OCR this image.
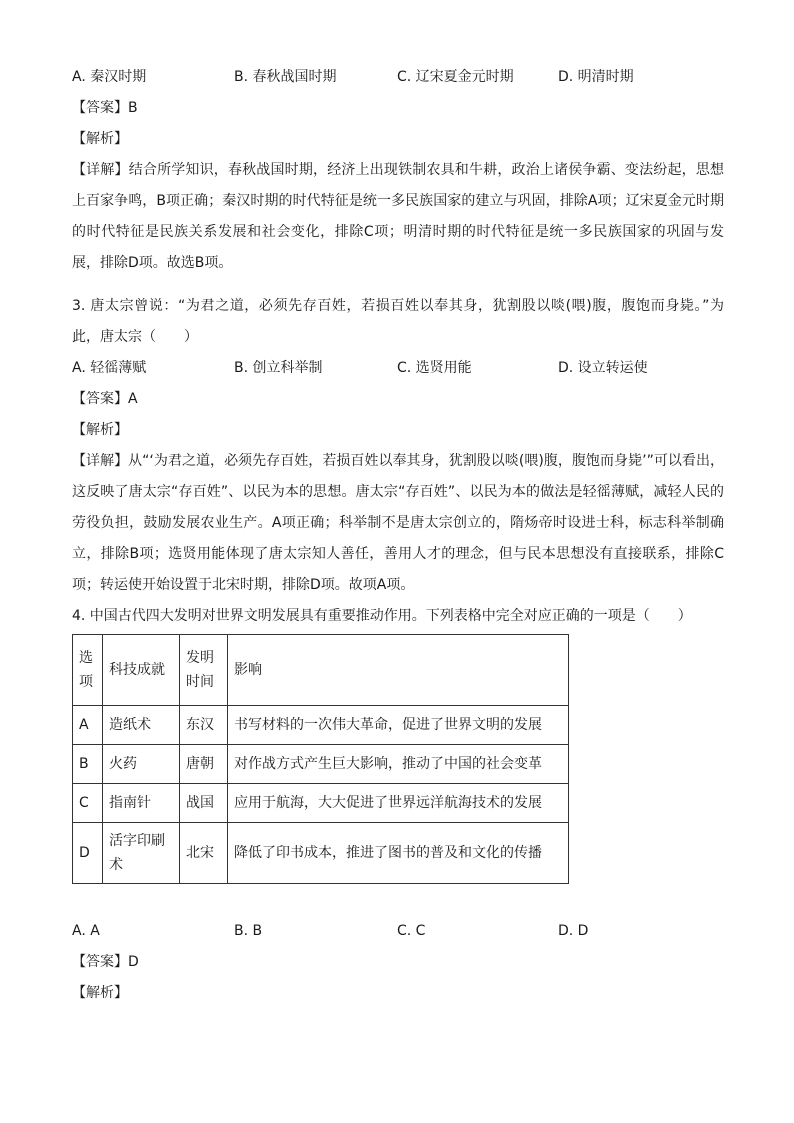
A. 秦汉时期	B. 春秋战国时期	C. 辽宋夏金元时期	D. 明清时期
【答案】B
【解析】
【详解】结合所学知识，春秋战国时期，经济上出现铁制农具和牛耕，政治上诸侯争霸、变法纷起，思想上百家争鸣，B项正确；秦汉时期的时代特征是统一多民族国家的建立与巩固，排除A项；辽宋夏金元时期的时代特征是民族关系发展和社会变化，排除C项；明清时期的时代特征是统一多民族国家的巩固与发展，排除D项。故选B项。
3. 唐太宗曾说：“为君之道，必须先存百姓，若损百姓以奉其身，犹割股以啖(喂)腹，腹饱而身毙。”为此，唐太宗（　　）
A. 轻徭薄赋	B. 创立科举制	C. 选贤用能	D. 设立转运使
【答案】A
【解析】
【详解】从“‘为君之道，必须先存百姓，若损百姓以奉其身，犹割股以啖(喂)腹，腹饱而身毙’”可以看出，这反映了唐太宗“存百姓”、以民为本的思想。唐太宗“存百姓”、以民为本的做法是轻徭薄赋，减轻人民的劳役负担，鼓励发展农业生产。A项正确；科举制不是唐太宗创立的，隋炀帝时设进士科，标志科举制确立，排除B项；选贤用能体现了唐太宗知人善任，善用人才的理念，但与民本思想没有直接联系，排除C项；转运使开始设置于北宋时期，排除D项。故项A项。
4. 中国古代四大发明对世界文明发展具有重要推动作用。下列表格中完全对应正确的一项是（　　）
选项	科技成就	发明时间	影响
A	造纸术	东汉	书写材料的一次伟大革命，促进了世界文明的发展
B	火药	唐朝	对作战方式产生巨大影响，推动了中国的社会变革
C	指南针	战国	应用于航海，大大促进了世界远洋航海技术的发展
D	活字印刷术	北宋	降低了印书成本，推进了图书的普及和文化的传播
A. A	B. B	C. C	D. D
【答案】D
【解析】
